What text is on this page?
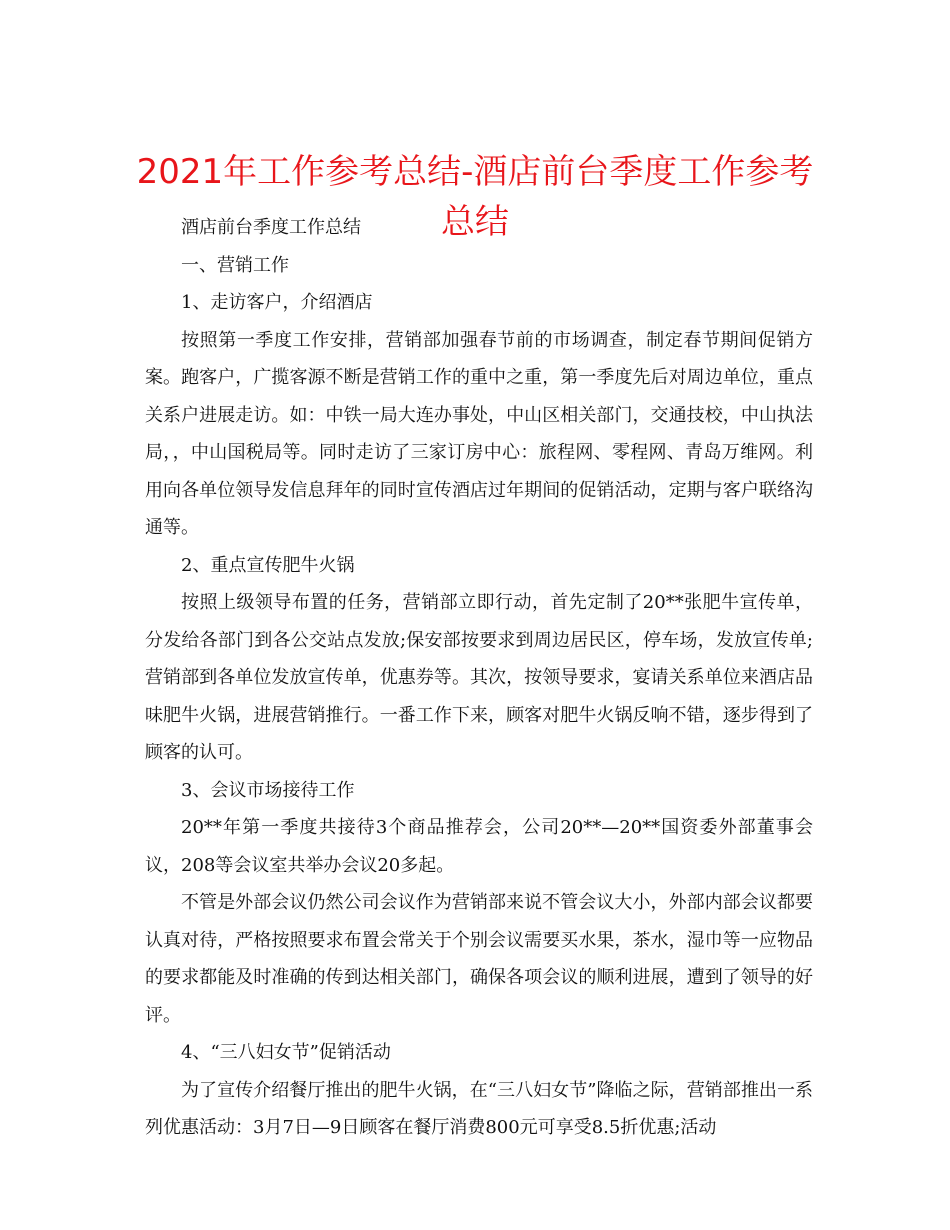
2021年工作参考总结-酒店前台季度工作参考总结

酒店前台季度工作总结

一、营销工作

1、走访客户，介绍酒店

按照第一季度工作安排，营销部加强春节前的市场调查，制定春节期间促销方案。跑客户，广揽客源不断是营销工作的重中之重，第一季度先后对周边单位，重点关系户进展走访。如：中铁一局大连办事处，中山区相关部门，交通技校，中山执法局，，中山国税局等。同时走访了三家订房中心：旅程网、零程网、青岛万维网。利用向各单位领导发信息拜年的同时宣传酒店过年期间的促销活动，定期与客户联络沟通等。

2、重点宣传肥牛火锅

按照上级领导布置的任务，营销部立即行动，首先定制了20**张肥牛宣传单，分发给各部门到各公交站点发放;保安部按要求到周边居民区，停车场，发放宣传单;营销部到各单位发放宣传单，优惠券等。其次，按领导要求，宴请关系单位来酒店品味肥牛火锅，进展营销推行。一番工作下来，顾客对肥牛火锅反响不错，逐步得到了顾客的认可。

3、会议市场接待工作

20**年第一季度共接待3个商品推荐会，公司20**—20**国资委外部董事会议，208等会议室共举办会议20多起。

不管是外部会议仍然公司会议作为营销部来说不管会议大小，外部内部会议都要认真对待，严格按照要求布置会常关于个别会议需要买水果，茶水，湿巾等一应物品的要求都能及时准确的传到达相关部门，确保各项会议的顺利进展，遭到了领导的好评。

4、“三八妇女节”促销活动

为了宣传介绍餐厅推出的肥牛火锅，在“三八妇女节”降临之际，营销部推出一系列优惠活动：3月7日—9日顾客在餐厅消费800元可享受8.5折优惠;活动
